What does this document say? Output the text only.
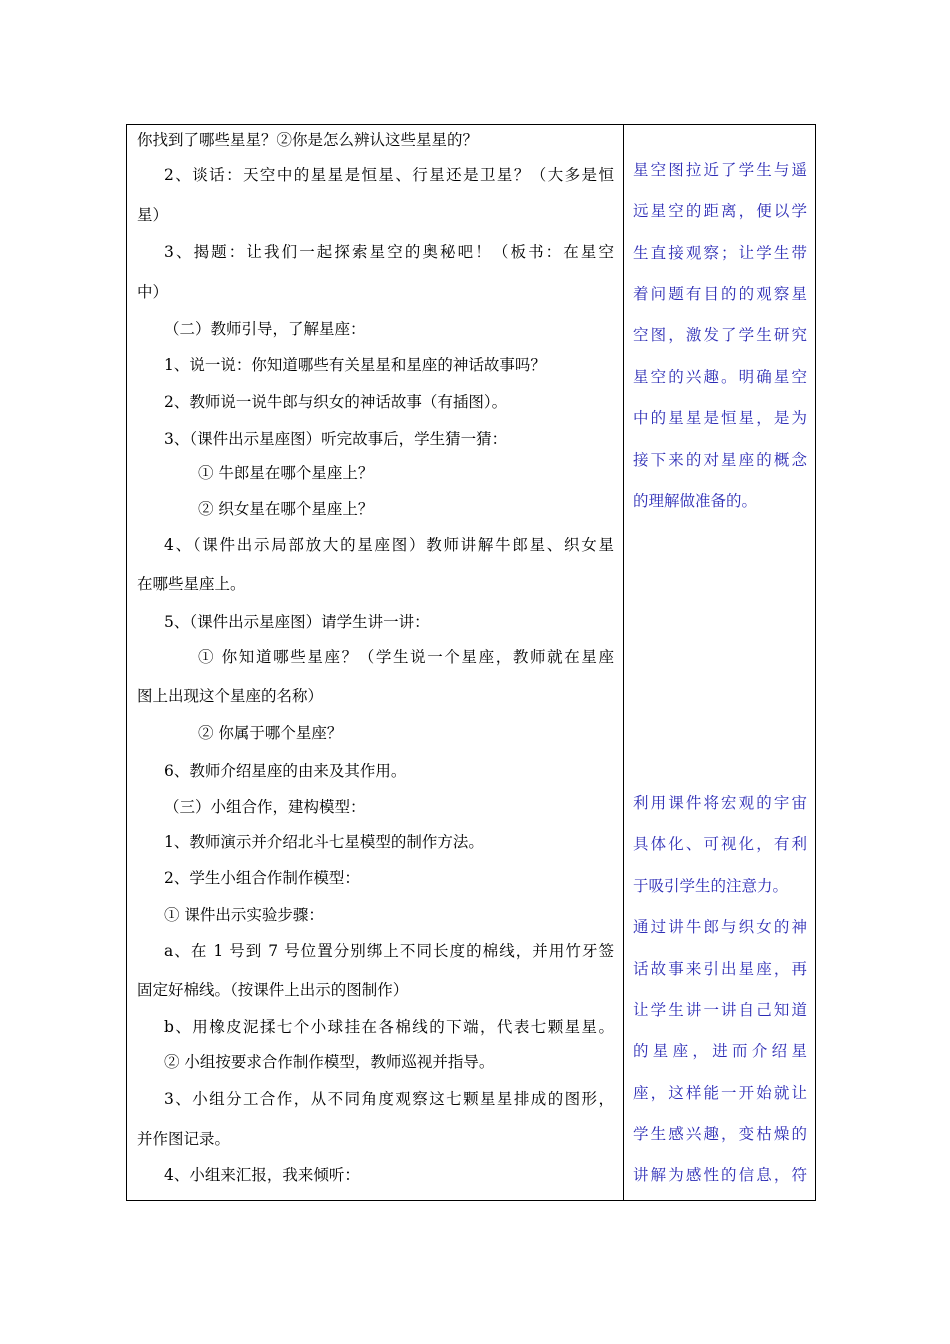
你找到了哪些星星？②你是怎么辨认这些星星的？
2、谈话：天空中的星星是恒星、行星还是卫星？（大多是恒
星）
3、揭题：让我们一起探索星空的奥秘吧！（板书：在星空
中）
（二）教师引导，了解星座：
1、说一说：你知道哪些有关星星和星座的神话故事吗？
2、教师说一说牛郎与织女的神话故事（有插图）。
3、（课件出示星座图）听完故事后，学生猜一猜：
① 牛郎星在哪个星座上？
② 织女星在哪个星座上？
4、（课件出示局部放大的星座图）教师讲解牛郎星、织女星
在哪些星座上。
5、（课件出示星座图）请学生讲一讲：
① 你知道哪些星座？（学生说一个星座，教师就在星座
图上出现这个星座的名称）
② 你属于哪个星座？
6、教师介绍星座的由来及其作用。
（三）小组合作，建构模型：
1、教师演示并介绍北斗七星模型的制作方法。
2、学生小组合作制作模型：
① 课件出示实验步骤：
a、在 1 号到 7 号位置分别绑上不同长度的棉线，并用竹牙签
固定好棉线。（按课件上出示的图制作）
b、用橡皮泥揉七个小球挂在各棉线的下端，代表七颗星星。
② 小组按要求合作制作模型，教师巡视并指导。
3、小组分工合作，从不同角度观察这七颗星星排成的图形，
并作图记录。
4、小组来汇报，我来倾听：
星空图拉近了学生与遥
远星空的距离，便以学
生直接观察；让学生带
着问题有目的的观察星
空图，激发了学生研究
星空的兴趣。明确星空
中的星星是恒星，是为
接下来的对星座的概念
的理解做准备的。
利用课件将宏观的宇宙
具体化、可视化，有利
于吸引学生的注意力。
通过讲牛郎与织女的神
话故事来引出星座，再
让学生讲一讲自己知道
的星座，进而介绍星
座，这样能一开始就让
学生感兴趣，变枯燥的
讲解为感性的信息，符
